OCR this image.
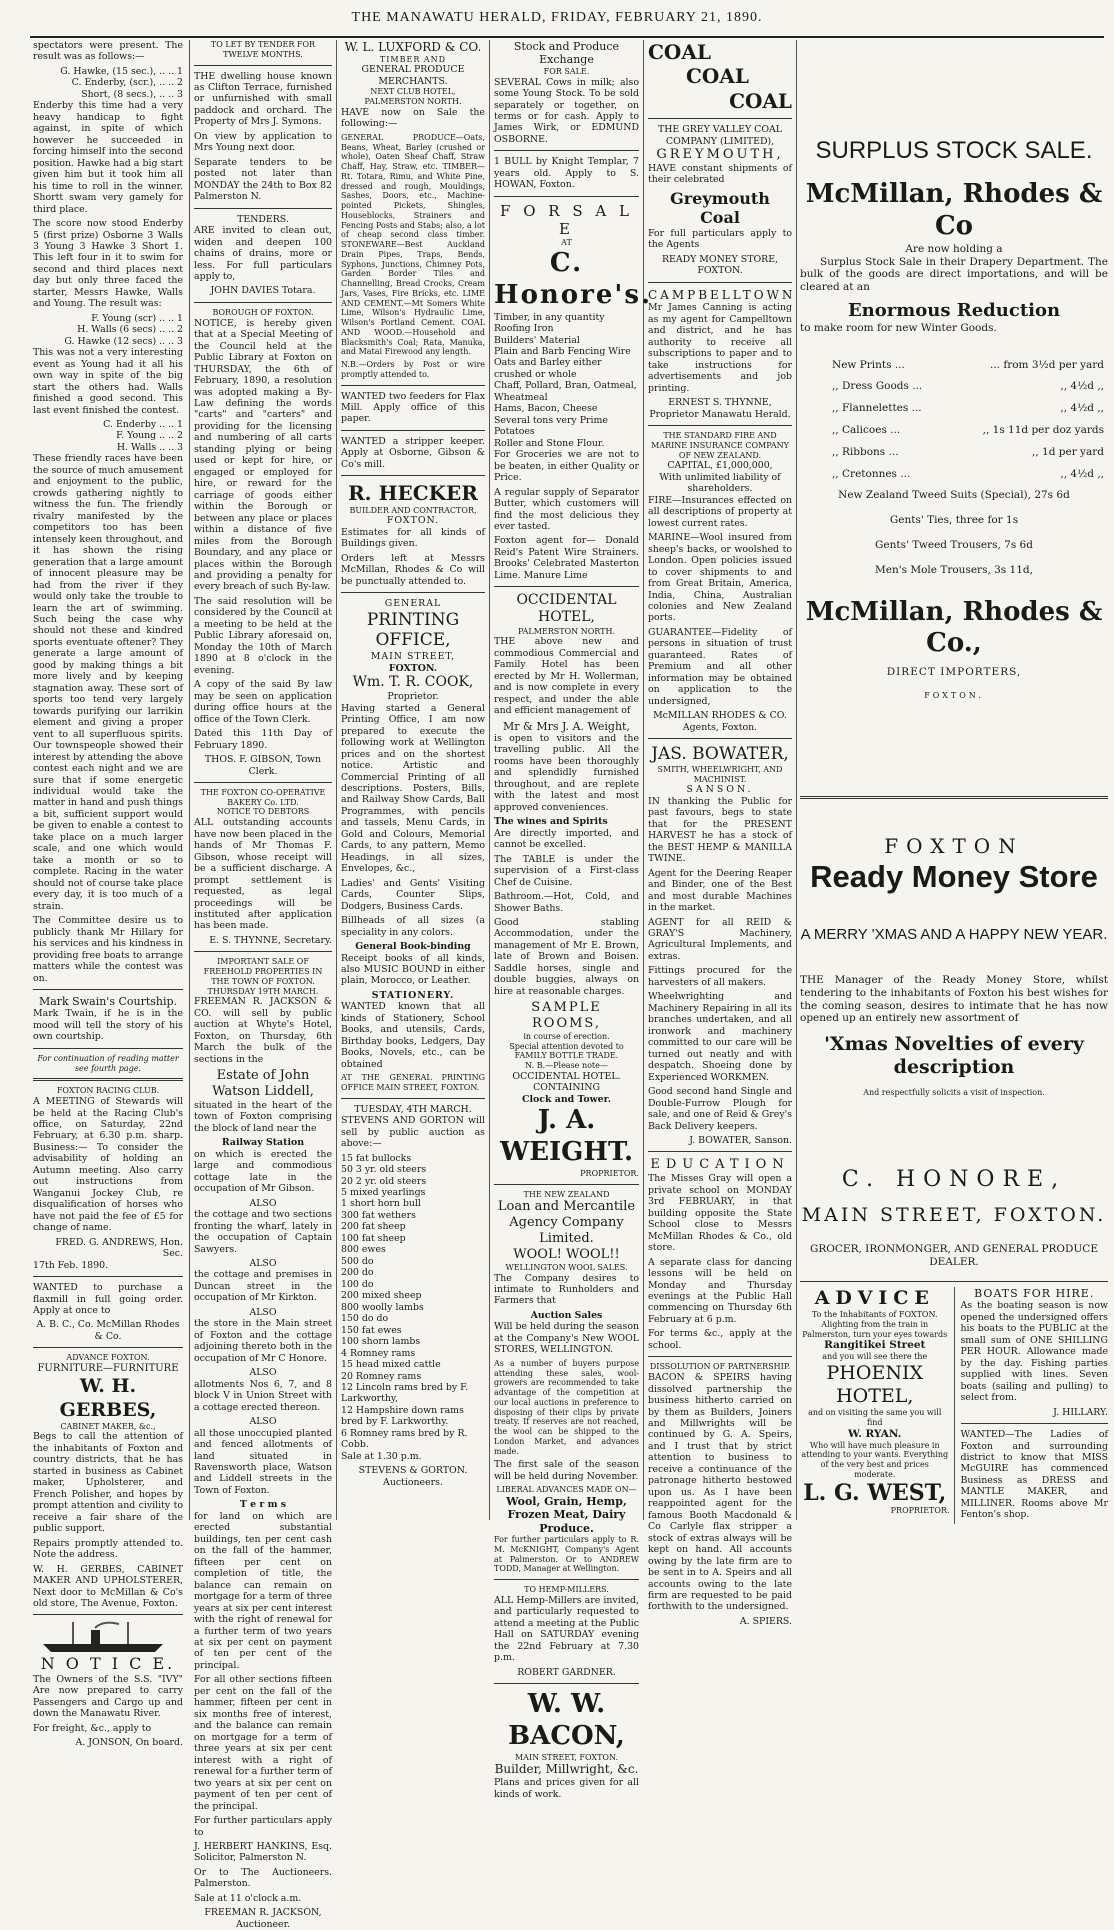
THE MANAWATU HERALD, FRIDAY, FEBRUARY 21, 1890.

spectators were present. The result was as follows:—

G. Hawke, (15 sec.), .. .. 1
C. Enderby, (scr.), .. .. 2
Short, (8 secs.), .. .. 3

Enderby this time had a very heavy handicap to fight against, in spite of which however he succeeded in forcing himself into the second position. Hawke had a big start given him but it took him all his time to roll in the winner. Shortt swam very gamely for third place.

The score now stood Enderby 5 (first prize) Osborne 3 Walls 3 Young 3 Hawke 3 Short 1. This left four in it to swim for second and third places next day but only three faced the starter, Messrs Hawke, Walls and Young. The result was:

F. Young (scr) .. .. 1
H. Walls (6 secs) .. .. 2
G. Hawke (12 secs) .. .. 3

This was not a very interesting event as Young had it all his own way in spite of the big start the others had. Walls finished a good second. This last event finished the contest.

C. Enderby .. .. 1
F. Young .. .. 2
H. Walls .. .. 3

These friendly races have been the source of much amusement and enjoyment to the public, crowds gathering nightly to witness the fun. The friendly rivalry manifested by the competitors too has been intensely keen throughout, and it has shown the rising generation that a large amount of innocent pleasure may be had from the river if they would only take the trouble to learn the art of swimming. Such being the case why should not these and kindred sports eventuate oftener? They generate a large amount of good by making things a bit more lively and by keeping stagnation away. These sort of sports too tend very largely towards purifying our larrikin element and giving a proper vent to all superfluous spirits. Our townspeople showed their interest by attending the above contest each night and we are sure that if some energetic individual would take the matter in hand and push things a bit, sufficient support would be given to enable a contest to take place on a much larger scale, and one which would take a month or so to complete. Racing in the water should not of course take place every day, it is too much of a strain.

The Committee desire us to publicly thank Mr Hillary for his services and his kindness in providing free boats to arrange matters while the contest was on.

Mark Swain's Courtship.

Mark Twain, if he is in the mood will tell the story of his own courtship.

For continuation of reading matter see fourth page.
FOXTON RACING CLUB.

A MEETING of Stewards will be held at the Racing Club's office, on Saturday, 22nd February, at 6.30 p.m. sharp. Business:— To consider the advisability of holding an Autumn meeting. Also carry out instructions from Wanganui Jockey Club, re disqualification of horses who have not paid the fee of £5 for change of name.

FRED. G. ANDREWS, Hon. Sec.
17th Feb. 1890.

WANTED to purchase a flaxmill in full going order. Apply at once to

A. B. C., Co. McMillan Rhodes & Co.
ADVANCE FOXTON.
FURNITURE—FURNITURE
W. H. GERBES,
CABINET MAKER, &c.,

Begs to call the attention of the inhabitants of Foxton and country districts, that he has started in business as Cabinet maker, Upholsterer, and French Polisher, and hopes by prompt attention and civility to receive a fair share of the public support.

Repairs promptly attended to. Note the address.

W. H. GERBES, CABINET MAKER AND UPHOLSTERER, Next door to McMillan & Co's old store, The Avenue, Foxton.

N O T I C E.

The Owners of the S.S. "IVY" Are now prepared to carry Passengers and Cargo up and down the Manawatu River.

For freight, &c., apply to

A. JONSON, On board.
TO LET BY TENDER FOR TWELVE MONTHS.

THE dwelling house known as Clifton Terrace, furnished or unfurnished with small paddock and orchard. The Property of Mrs J. Symons.

On view by application to Mrs Young next door.

Separate tenders to be posted not later than MONDAY the 24th to Box 82 Palmerston N.

TENDERS.

ARE invited to clean out, widen and deepen 100 chains of drains, more or less. For full particulars apply to,

JOHN DAVIES Totara.
BOROUGH OF FOXTON.

NOTICE, is hereby given that at a Special Meeting of the Council held at the Public Library at Foxton on THURSDAY, the 6th of February, 1890, a resolution was adopted making a By-Law defining the words "carts" and "carters" and providing for the licensing and numbering of all carts standing plying or being used or kept for hire, or engaged or employed for hire, or reward for the carriage of goods either within the Borough or between any place or places within a distance of five miles from the Borough Boundary, and any place or places within the Borough and providing a penalty for every breach of such By-law.

The said resolution will be considered by the Council at a meeting to be held at the Public Library aforesaid on, Monday the 10th of March 1890 at 8 o'clock in the evening.

A copy of the said By law may be seen on application during office hours at the office of the Town Clerk.

Dated this 11th Day of February 1890.

THOS. F. GIBSON, Town Clerk.
THE FOXTON CO-OPERATIVE BAKERY Co. LTD.
NOTICE TO DEBTORS

ALL outstanding accounts have now been placed in the hands of Mr Thomas F. Gibson, whose receipt will be a sufficient discharge. A prompt settlement is requested, as legal proceedings will be instituted after application has been made.

E. S. THYNNE, Secretary.
IMPORTANT SALE OF FREEHOLD PROPERTIES IN THE TOWN OF FOXTON.
THURSDAY 19TH MARCH.

FREEMAN R. JACKSON & CO. will sell by public auction at Whyte's Hotel, Foxton, on Thursday, 6th March the bulk of the sections in the

Estate of John Watson Liddell,

situated in the heart of the town of Foxton comprising the block of land near the

Railway Station

on which is erected the large and commodious cottage late in the occupation of Mr Gibson.

ALSO

the cottage and two sections fronting the wharf, lately in the occupation of Captain Sawyers.

ALSO

the cottage and premises in Duncan street in the occupation of Mr Kirkton.

ALSO

the store in the Main street of Foxton and the cottage adjoining thereto both in the occupation of Mr C Honore.

ALSO

allotments Nos 6, 7, and 8 block V in Union Street with a cottage erected thereon.

ALSO

all those unoccupied planted and fenced allotments of land situated in Ravensworth place, Watson and Liddell streets in the Town of Foxton.

T e r m s

for land on which are erected substantial buildings, ten per cent cash on the fall of the hammer, fifteen per cent on completion of title, the balance can remain on mortgage for a term of three years at six per cent interest with the right of renewal for a further term of two years at six per cent on payment of ten per cent of the principal.

For all other sections fifteen per cent on the fall of the hammer, fifteen per cent in six months free of interest, and the balance can remain on mortgage for a term of three years at six per cent interest with a right of renewal for a further term of two years at six per cent on payment of ten per cent of the principal.

For further particulars apply to

J. HERBERT HANKINS, Esq. Solicitor, Palmerston N.

Or to The Auctioneers. Palmerston.

Sale at 11 o'clock a.m.

FREEMAN R. JACKSON, Auctioneer.
W. L. LUXFORD & CO.
TIMBER AND
GENERAL PRODUCE MERCHANTS.
NEXT CLUB HOTEL, PALMERSTON NORTH.

HAVE now on Sale the following:—

GENERAL PRODUCE—Oats, Beans, Wheat, Barley (crushed or whole), Oaten Sheaf Chaff, Straw Chaff, Hay, Straw, etc. TIMBER—Rt. Totara, Rimu, and White Pine, dressed and rough, Mouldings, Sashes, Doors, etc., Machine-pointed Pickets, Shingles, Houseblocks, Strainers and Fencing Posts and Stabs; also, a lot of cheap second class timber. STONEWARE—Best Auckland Drain Pipes, Traps, Bends, Syphons, Junctions, Chimney Pots, Garden Border Tiles and Channelling, Bread Crocks, Cream Jars, Vases, Fire Bricks, etc. LIME AND CEMENT.—Mt Somers White Lime, Wilson's Hydraulic Lime, Wilson's Portland Cement. COAL AND WOOD.—Household and Blacksmith's Coal; Rata, Manuka, and Matai Firewood any length.

N.B.—Orders by Post or wire promptly attended to.

WANTED two feeders for Flax Mill. Apply office of this paper.

WANTED a stripper keeper. Apply at Osborne, Gibson & Co's mill.

R. HECKER
BUILDER AND CONTRACTOR,
FOXTON.

Estimates for all kinds of Buildings given.

Orders left at Messrs McMillan, Rhodes & Co will be punctually attended to.

GENERAL
PRINTING OFFICE,
MAIN STREET,
FOXTON.
Wm. T. R. COOK,
Proprietor.

Having started a General Printing Office, I am now prepared to execute the following work at Wellington prices and on the shortest notice. Artistic and Commercial Printing of all descriptions. Posters, Bills, and Railway Show Cards, Ball Programmes, with pencils and tassels, Menu Cards, in Gold and Colours, Memorial Cards, to any pattern, Memo Headings, in all sizes, Envelopes, &c.,

Ladies' and Gents' Visiting Cards, Counter Slips, Dodgers, Business Cards.

Billheads of all sizes (a speciality in any colors.

General Book-binding

Receipt books of all kinds, also MUSIC BOUND in either plain, Morocco, or Leather.

STATIONERY.

WANTED known that all kinds of Stationery, School Books, and utensils, Cards, Birthday books, Ledgers, Day Books, Novels, etc., can be obtained

AT THE GENERAL PRINTING OFFICE MAIN STREET, FOXTON.

TUESDAY, 4TH MARCH.

STEVENS AND GORTON will sell by public auction as above:—

15 fat bullocks
50 3 yr. old steers
20 2 yr. old steers
5 mixed yearlings
1 short horn bull
300 fat wethers
200 fat sheep
100 fat sheep
800 ewes
500 do
200 do
100 do
200 mixed sheep
800 woolly lambs
150 do do
150 fat ewes
100 shorn lambs
4 Romney rams
15 head mixed cattle
20 Romney rams
12 Lincoln rams bred by F. Larkworthy,
12 Hampshire down rams bred by F. Larkworthy.
6 Romney rams bred by R. Cobb.

Sale at 1.30 p.m.

STEVENS & GORTON. Auctioneers.
Stock and Produce Exchange
FOR SALE.

SEVERAL Cows in milk; also some Young Stock. To be sold separately or together, on terms or for cash. Apply to James Wirk, or EDMUND OSBORNE.

1 BULL by Knight Templar, 7 years old. Apply to S. HOWAN, Foxton.

F O R S A L E
AT
C. Honore's.
Timber, in any quantity
Roofing Iron
Builders' Material
Plain and Barb Fencing Wire
Oats and Barley either crushed or whole
Chaff, Pollard, Bran, Oatmeal, Wheatmeal
Hams, Bacon, Cheese
Several tons very Prime Potatoes
Roller and Stone Flour.

For Groceries we are not to be beaten, in either Quality or Price.

A regular supply of Separator Butter, which customers will find the most delicious they ever tasted.

Foxton agent for— Donald Reid's Patent Wire Strainers. Brooks' Celebrated Masterton Lime. Manure Lime

OCCIDENTAL HOTEL,
PALMERSTON NORTH.

THE above new and commodious Commercial and Family Hotel has been erected by Mr H. Wollerman, and is now complete in every respect, and under the able and efficient management of

Mr & Mrs J. A. Weight,

is open to visitors and the travelling public. All the rooms have been thoroughly and splendidly furnished throughout, and are replete with the latest and most approved conveniences.

The wines and Spirits

Are directly imported, and cannot be excelled.

The TABLE is under the supervision of a First-class Chef de Cuisine.

Bathroom.—Hot, Cold, and Shower Baths.

Good stabling Accommodation, under the management of Mr E. Brown, late of Brown and Boisen. Saddle horses, single and double buggies, always on hire at reasonable charges.

SAMPLE ROOMS,
in course of erection.
Special attention devoted to FAMILY BOTTLE TRADE.
N. B.—Please note—
OCCIDENTAL HOTEL. CONTAINING
Clock and Tower.
J. A. WEIGHT.
PROPRIETOR.
THE NEW ZEALAND
Loan and Mercantile Agency Company Limited.
WOOL! WOOL!!
WELLINGTON WOOL SALES.

The Company desires to intimate to Runholders and Farmers that

Auction Sales

Will be held during the season at the Company's New WOOL STORES, WELLINGTON.

As a number of buyers purpose attending these sales, wool-growers are recommended to take advantage of the competition at our local auctions in preference to disposing of their clips by private treaty. If reserves are not reached, the wool can be shipped to the London Market, and advances made.

The first sale of the season will be held during November.

LIBERAL ADVANCES MADE ON—
Wool, Grain, Hemp, Frozen Meat, Dairy Produce.

For further particulars apply to R. M. McKNIGHT, Company's Agent at Palmerston. Or to ANDREW TODD, Manager at Wellington.

TO HEMP-MILLERS.

ALL Hemp-Millers are invited, and particularly requested to attend a meeting at the Public Hall on SATURDAY evening the 22nd February at 7.30 p.m.

ROBERT GARDNER.
W. W. BACON,
MAIN STREET, FOXTON.
Builder, Millwright, &c.

Plans and prices given for all kinds of work.

COAL
COAL
COAL
THE GREY VALLEY COAL COMPANY (LIMITED),
GREYMOUTH,

HAVE constant shipments of their celebrated

Greymouth Coal

For full particulars apply to the Agents

READY MONEY STORE, FOXTON.
CAMPBELLTOWN

Mr James Canning is acting as my agent for Campelltown and district, and he has authority to receive all subscriptions to paper and to take instructions for advertisements and job printing.

ERNEST S. THYNNE, Proprietor Manawatu Herald.
THE STANDARD FIRE AND MARINE INSURANCE COMPANY OF NEW ZEALAND.
CAPITAL, £1,000,000,
With unlimited liability of shareholders.

FIRE—Insurances effected on all descriptions of property at lowest current rates.

MARINE—Wool insured from sheep's backs, or woolshed to London. Open policies issued to cover shipments to and from Great Britain, America, India, China, Australian colonies and New Zealand ports.

GUARANTEE—Fidelity of persons in situation of trust guaranteed. Rates of Premium and all other information may be obtained on application to the undersigned,

McMILLAN RHODES & CO. Agents, Foxton.
JAS. BOWATER,
SMITH, WHEELWRIGHT, AND MACHINIST.
SANSON.

IN thanking the Public for past favours, begs to state that for the PRESENT HARVEST he has a stock of the BEST HEMP & MANILLA TWINE.

Agent for the Deering Reaper and Binder, one of the Best and most durable Machines in the market.

AGENT for all REID & GRAY'S Machinery, Agricultural Implements, and extras.

Fittings procured for the harvesters of all makers.

Wheelwrighting and Machinery Repairing in all its branches undertaken, and all ironwork and machinery committed to our care will be turned out neatly and with despatch. Shoeing done by Experienced WORKMEN.

Good second hand Single and Double-Furrow Plough for sale, and one of Reid & Grey's Back Delivery keepers.

J. BOWATER, Sanson.
EDUCATION

The Misses Gray will open a private school on MONDAY 3rd FEBRUARY, in that building opposite the State School close to Messrs McMillan Rhodes & Co., old store.

A separate class for dancing lessons will be held on Monday and Thursday evenings at the Public Hall commencing on Thursday 6th February at 6 p.m.

For terms &c., apply at the school.

DISSOLUTION OF PARTNERSHIP.

BACON & SPEIRS having dissolved partnership the business hitherto carried on by them as Builders, Joiners and Millwrights will be continued by G. A. Speirs, and I trust that by strict attention to business to receive a continuance of the patronage hitherto bestowed upon us. As I have been reappointed agent for the famous Booth Macdonald & Co Carlyle flax stripper a stock of extras always will be kept on hand. All accounts owing by the late firm are to be sent in to A. Speirs and all accounts owing to the late firm are requested to be paid forthwith to the undersigned.

A. SPIERS.
SURPLUS STOCK SALE.
McMillan, Rhodes & Co
Are now holding a

Surplus Stock Sale in their Drapery Department. The bulk of the goods are direct importations, and will be cleared at an

Enormous Reduction
to make room for new Winter Goods.
New Prints ...	... from 3½d per yard
,, Dress Goods ...	,, 4½d ,,
,, Flannelettes ...	,, 4½d ,,
,, Calicoes ...	,, 1s 11d per doz yards
,, Ribbons ...	,, 1d per yard
,, Cretonnes ...	,, 4½d ,,
New Zealand Tweed Suits (Special), 27s 6d
Gents' Ties, three for 1s
Gents' Tweed Trousers, 7s 6d
Men's Mole Trousers, 3s 11d,
McMillan, Rhodes & Co.,
DIRECT IMPORTERS,
FOXTON.
FOXTON
Ready Money Store
A MERRY 'XMAS AND A HAPPY NEW YEAR.

THE Manager of the Ready Money Store, whilst tendering to the inhabitants of Foxton his best wishes for the coming season, desires to intimate that he has now opened up an entirely new assortment of

'Xmas Novelties of every description
And respectfully solicits a visit of inspection.
C. HONORE,
MAIN STREET, FOXTON.
GROCER, IRONMONGER, AND GENERAL PRODUCE DEALER.
ADVICE
To the Inhabitants of FOXTON.
Alighting from the train in Palmerston, turn your eyes towards
Rangitikei Street
and you will see there the
PHOENIX HOTEL,
and on visiting the same you will find
W. RYAN.
Who will have much pleasure in attending to your wants. Everything of the very best and prices moderate.
L. G. WEST,
PROPRIETOR.
BOATS FOR HIRE.

As the boating season is now opened the undersigned offers his boats to the PUBLIC at the small sum of ONE SHILLING PER HOUR. Allowance made by the day. Fishing parties supplied with lines. Seven boats (sailing and pulling) to select from.

J. HILLARY.

WANTED—The Ladies of Foxton and surrounding district to know that MISS McGUIRE has commenced Business as DRESS and MANTLE MAKER, and MILLINER. Rooms above Mr Fenton's shop.
